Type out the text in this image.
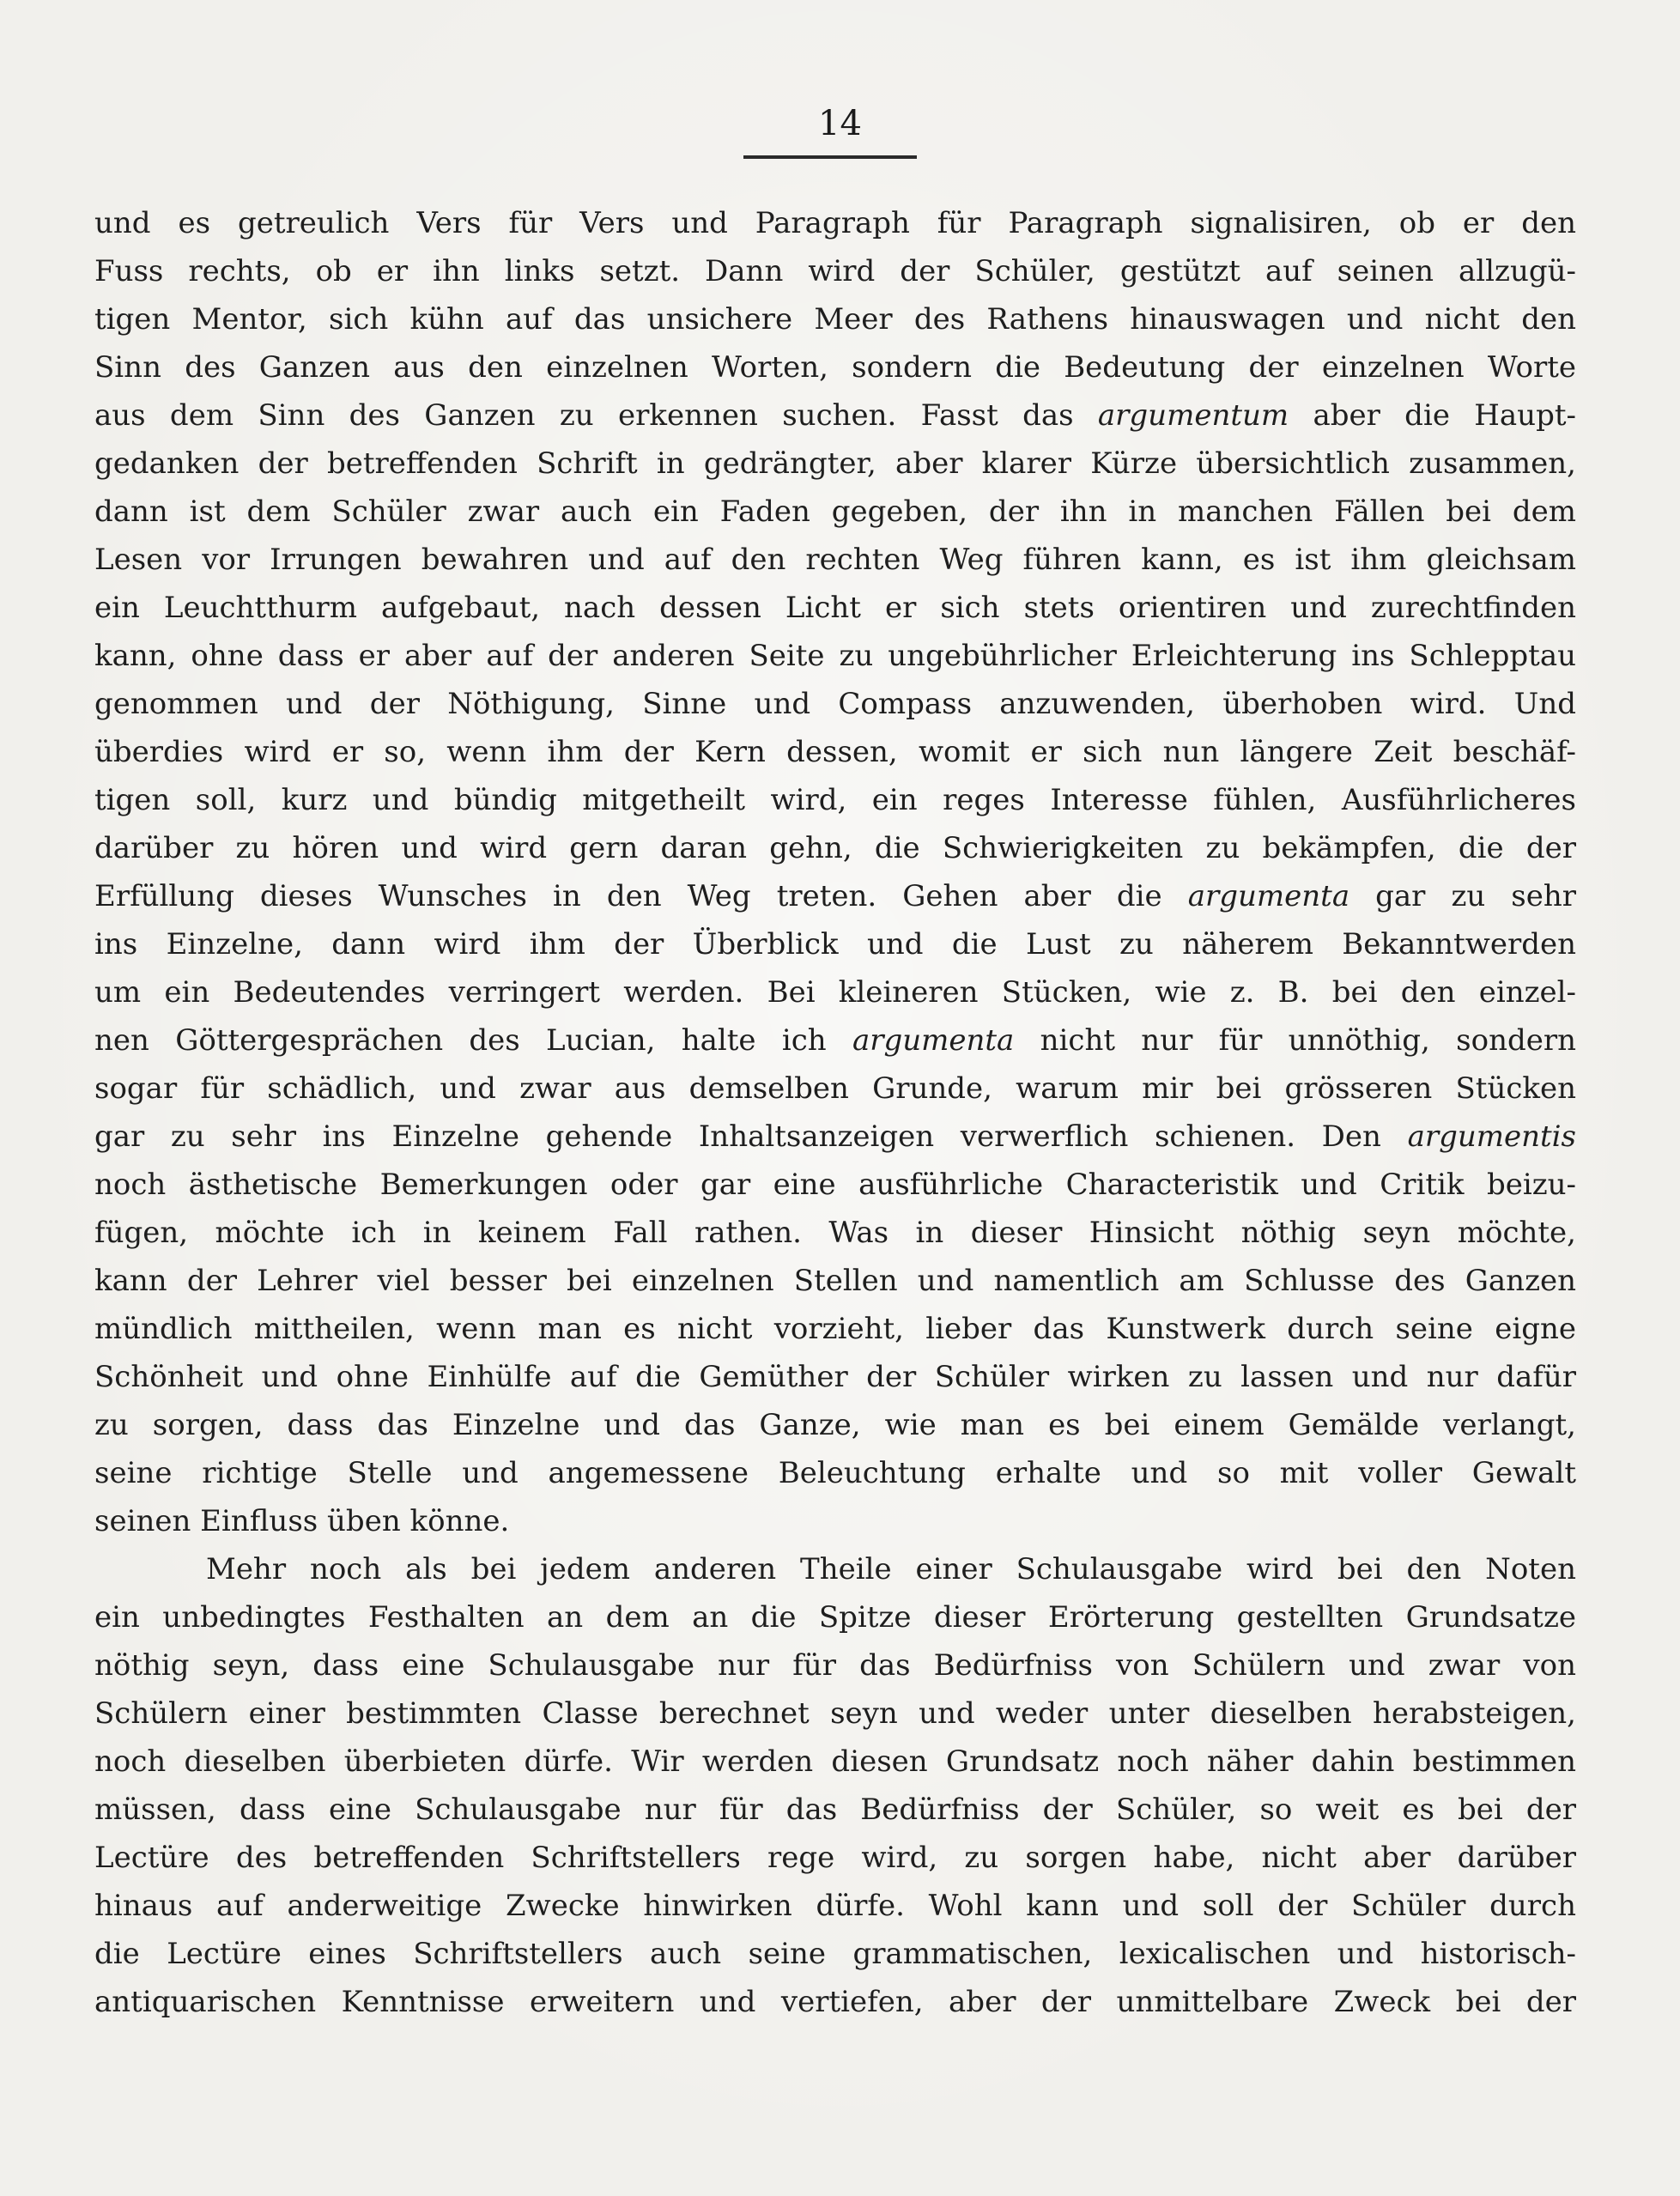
14
und es getreulich Vers für Vers und Paragraph für Paragraph signalisiren, ob er den
Fuss rechts, ob er ihn links setzt. Dann wird der Schüler, gestützt auf seinen allzugü-
tigen Mentor, sich kühn auf das unsichere Meer des Rathens hinauswagen und nicht den
Sinn des Ganzen aus den einzelnen Worten, sondern die Bedeutung der einzelnen Worte
aus dem Sinn des Ganzen zu erkennen suchen. Fasst das argumentum aber die Haupt-
gedanken der betreffenden Schrift in gedrängter, aber klarer Kürze übersichtlich zusammen,
dann ist dem Schüler zwar auch ein Faden gegeben, der ihn in manchen Fällen bei dem
Lesen vor Irrungen bewahren und auf den rechten Weg führen kann, es ist ihm gleichsam
ein Leuchtthurm aufgebaut, nach dessen Licht er sich stets orientiren und zurechtfinden
kann, ohne dass er aber auf der anderen Seite zu ungebührlicher Erleichterung ins Schlepptau
genommen und der Nöthigung, Sinne und Compass anzuwenden, überhoben wird. Und
überdies wird er so, wenn ihm der Kern dessen, womit er sich nun längere Zeit beschäf-
tigen soll, kurz und bündig mitgetheilt wird, ein reges Interesse fühlen, Ausführlicheres
darüber zu hören und wird gern daran gehn, die Schwierigkeiten zu bekämpfen, die der
Erfüllung dieses Wunsches in den Weg treten. Gehen aber die argumenta gar zu sehr
ins Einzelne, dann wird ihm der Überblick und die Lust zu näherem Bekanntwerden
um ein Bedeutendes verringert werden. Bei kleineren Stücken, wie z. B. bei den einzel-
nen Göttergesprächen des Lucian, halte ich argumenta nicht nur für unnöthig, sondern
sogar für schädlich, und zwar aus demselben Grunde, warum mir bei grösseren Stücken
gar zu sehr ins Einzelne gehende Inhaltsanzeigen verwerflich schienen. Den argumentis
noch ästhetische Bemerkungen oder gar eine ausführliche Characteristik und Critik beizu-
fügen, möchte ich in keinem Fall rathen. Was in dieser Hinsicht nöthig seyn möchte,
kann der Lehrer viel besser bei einzelnen Stellen und namentlich am Schlusse des Ganzen
mündlich mittheilen, wenn man es nicht vorzieht, lieber das Kunstwerk durch seine eigne
Schönheit und ohne Einhülfe auf die Gemüther der Schüler wirken zu lassen und nur dafür
zu sorgen, dass das Einzelne und das Ganze, wie man es bei einem Gemälde verlangt,
seine richtige Stelle und angemessene Beleuchtung erhalte und so mit voller Gewalt
seinen Einfluss üben könne.
Mehr noch als bei jedem anderen Theile einer Schulausgabe wird bei den Noten
ein unbedingtes Festhalten an dem an die Spitze dieser Erörterung gestellten Grundsatze
nöthig seyn, dass eine Schulausgabe nur für das Bedürfniss von Schülern und zwar von
Schülern einer bestimmten Classe berechnet seyn und weder unter dieselben herabsteigen,
noch dieselben überbieten dürfe. Wir werden diesen Grundsatz noch näher dahin bestimmen
müssen, dass eine Schulausgabe nur für das Bedürfniss der Schüler, so weit es bei der
Lectüre des betreffenden Schriftstellers rege wird, zu sorgen habe, nicht aber darüber
hinaus auf anderweitige Zwecke hinwirken dürfe. Wohl kann und soll der Schüler durch
die Lectüre eines Schriftstellers auch seine grammatischen, lexicalischen und historisch-
antiquarischen Kenntnisse erweitern und vertiefen, aber der unmittelbare Zweck bei der
